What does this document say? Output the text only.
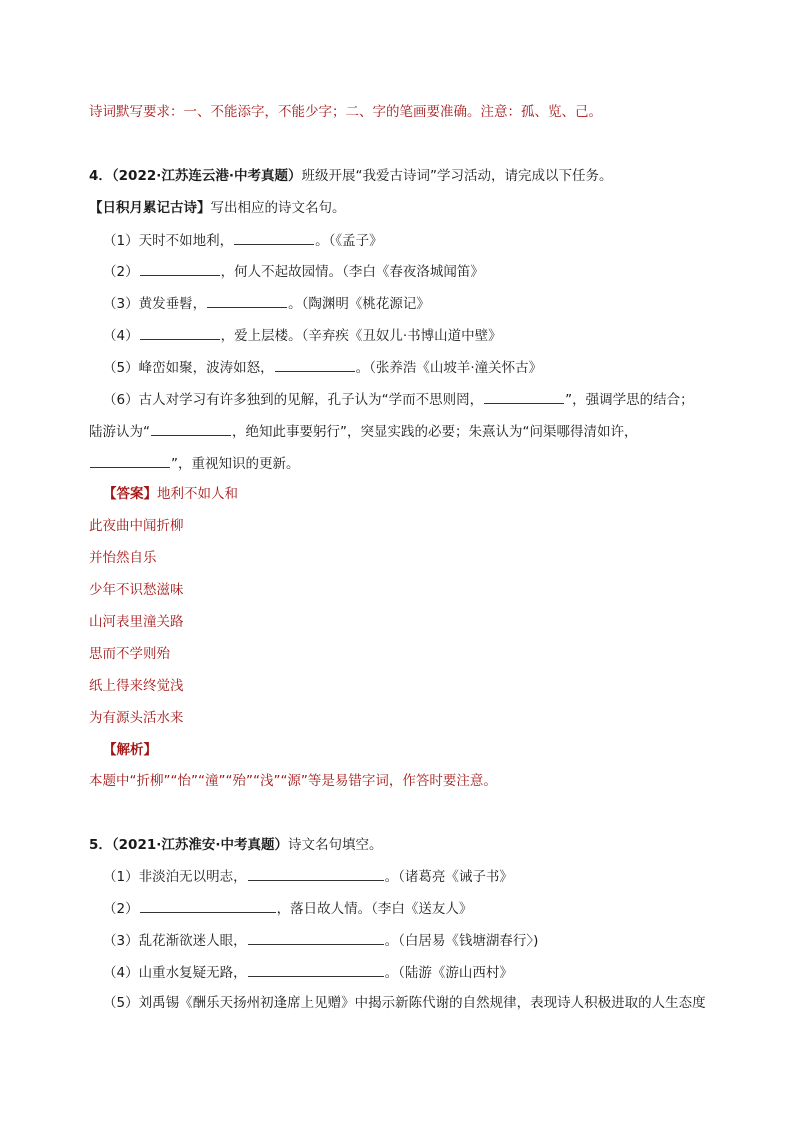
诗词默写要求：一、不能添字，不能少字；二、字的笔画要准确。注意：孤、览、己。
4．（2022·江苏连云港·中考真题）班级开展“我爱古诗词”学习活动，请完成以下任务。
【日积月累记古诗】写出相应的诗文名句。
（1）天时不如地利，	。（《孟子》
（2）	，何人不起故园情。（李白《春夜洛城闻笛》
（3）黄发垂髫，	。（陶渊明《桃花源记》
（4）	，爱上层楼。（辛弃疾《丑奴儿·书博山道中壁》
（5）峰峦如聚，波涛如怒，	。（张养浩《山坡羊·潼关怀古》
（6）古人对学习有许多独到的见解，孔子认为“学而不思则罔，	”，强调学思的结合；
陆游认为“	，绝知此事要躬行”，突显实践的必要；朱熹认为“问渠哪得清如许，
”，重视知识的更新。
【答案】地利不如人和
此夜曲中闻折柳
并怡然自乐
少年不识愁滋味
山河表里潼关路
思而不学则殆
纸上得来终觉浅
为有源头活水来
【解析】
本题中“折柳”“怡”“潼”“殆”“浅”“源”等是易错字词，作答时要注意。
5．（2021·江苏淮安·中考真题）诗文名句填空。
（1）非淡泊无以明志，	。（诸葛亮《诫子书》
（2）	，落日故人情。（李白《送友人》
（3）乱花渐欲迷人眼，	。（白居易《钱塘湖春行〉)
（4）山重水复疑无路，	。（陆游《游山西村》
（5）刘禹锡《酬乐天扬州初逢席上见赠》中揭示新陈代谢的自然规律，表现诗人积极进取的人生态度
